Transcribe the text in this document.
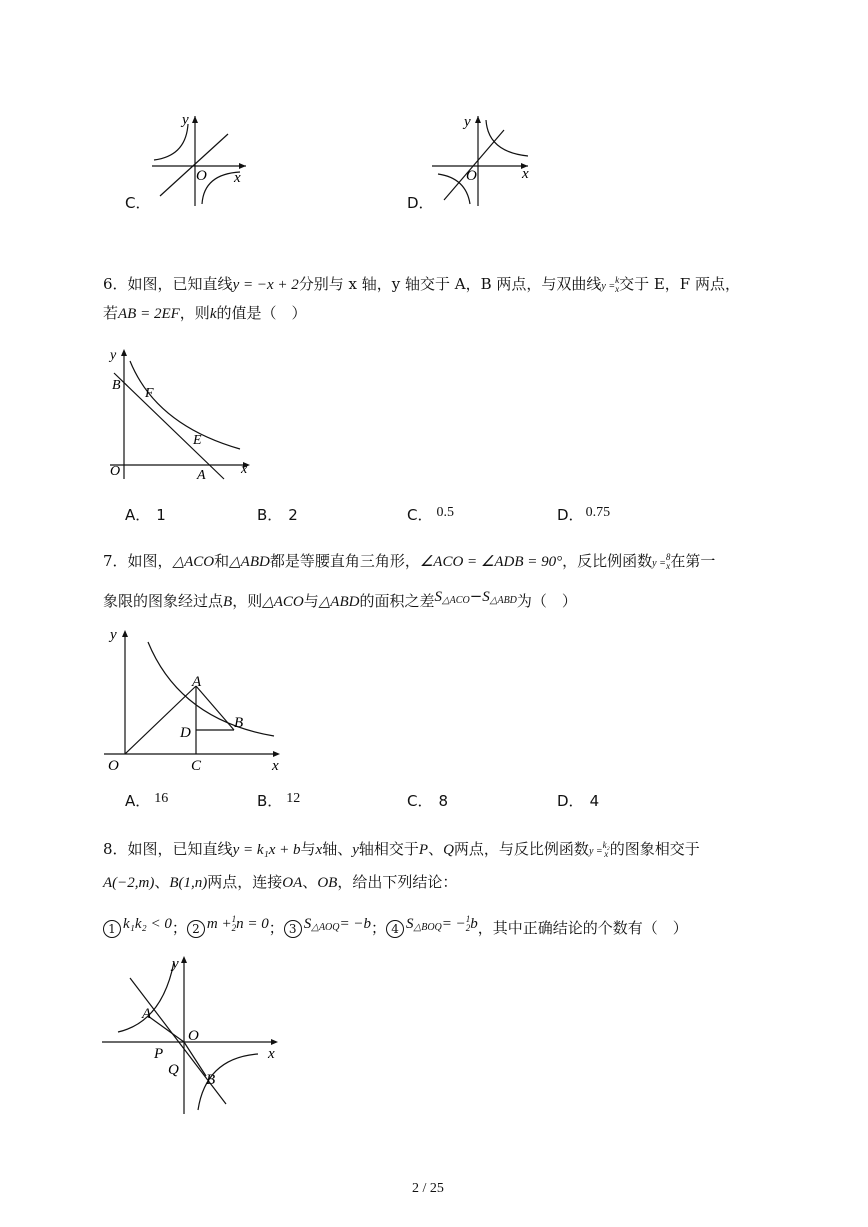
y
x
O
C．
y
x
O
D．
6．如图，已知直线y = −x + 2分别与 x 轴，y 轴交于 A，B 两点，与双曲线y =
k
x 交于 E，F 两点，
若AB = 2EF，则k的值是（　）
y
x
O
B
F
E
A
A． 1	B． 2	C． 0.5	D． 0.75
7．如图，△ACO和△ABD都是等腰直角三角形，∠ACO = ∠ADB = 90°，反比例函数y =
8
x 在第一
象限的图象经过点B，则△ACO与△ABD的面积之差$S^{\triangle ACO}-S^{\triangle ABD}$为（　）
y
x
O
A
B
C
D
A． 16	B． 12	C． 8	D． 4
8．如图，已知直线y = k₁x + b与x轴、y轴相交于P、Q两点，与反比例函数y =
k₂
x 的图象相交于
A(−2,m)、B(1,n)两点，连接OA、OB，给出下列结论：
1 k₁k₂ < 0； 2 m + 1
2 n = 0； 3 $S^{\triangle AOQ}= -b$； 4 $S^{\triangle BOQ}= - 1$
2 b，其中正确结论的个数有（　）
y
x
O
A
P
Q
B
2 / 25
